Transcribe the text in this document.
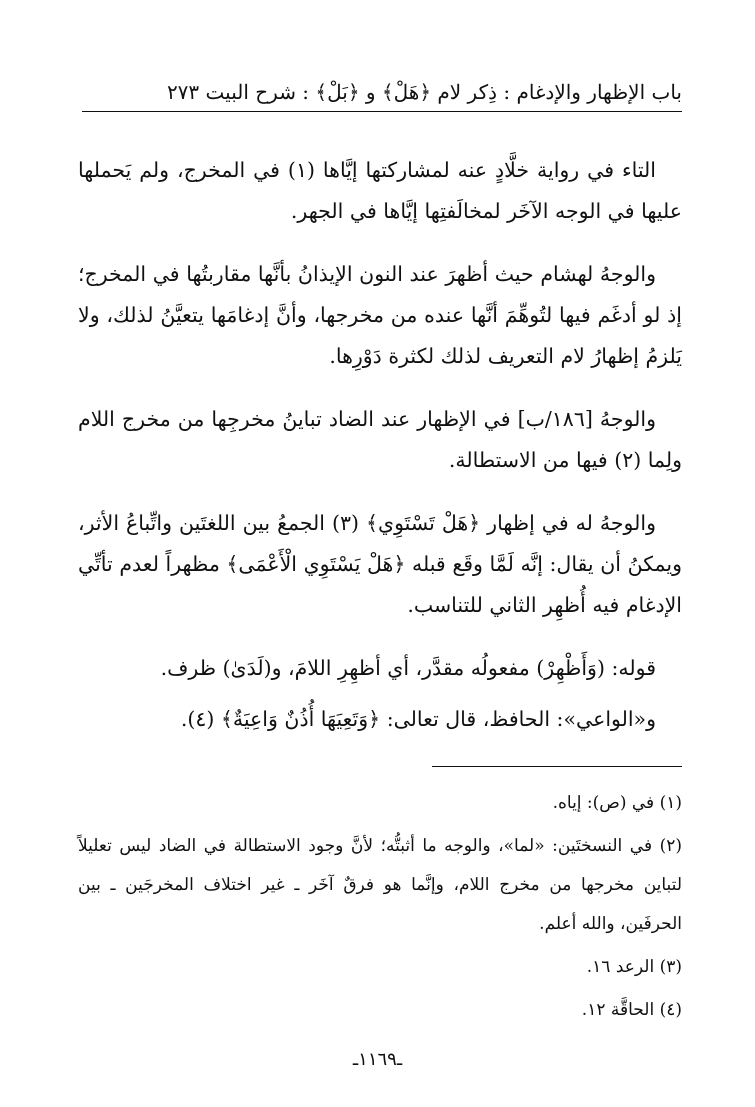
باب الإظهار والإدغام : ذِكر لام ﴿هَلْ﴾ و ﴿بَلْ﴾ : شرح البيت ٢٧٣

التاء في رواية خلَّادٍ عنه لمشاركتها إيَّاها (١) في المخرج، ولم يَحملها عليها في الوجه الآخَر لمخالَفتِها إيَّاها في الجهر.

والوجهُ لهشام حيث أظهرَ عند النون الإيذانُ بأنَّها مقاربتُها في المخرج؛ إذ لو أدغَم فيها لتُوهِّمَ أنَّها عنده من مخرجها، وأنَّ إدغامَها يتعيَّنُ لذلك، ولا يَلزمُ إظهارُ لام التعريف لذلك لكثرة دَوْرِها.

والوجهُ [١٨٦/ب] في الإظهار عند الضاد تباينُ مخرجِها من مخرج اللام ولِما (٢) فيها من الاستطالة.

والوجهُ له في إظهار ﴿هَلْ تَسْتَوِي﴾ (٣) الجمعُ بين اللغتَين واتِّباعُ الأثر، ويمكنُ أن يقال: إنَّه لَمَّا وقَع قبله ﴿هَلْ يَسْتَوِي الْأَعْمَى﴾ مظهراً لعدم تأتِّي الإدغام فيه أُظهِر الثاني للتناسب.

قوله: (وَأَظْهِرْ) مفعولُه مقدَّر، أي أظهِرِ اللامَ، و(لَدَىٰ) ظرف.

و«الواعي»: الحافظ، قال تعالى: ﴿وَتَعِيَهَا أُذُنٌ وَاعِيَةٌ﴾ (٤).

(١) في (ص): إياه.

(٢) في النسختَين: «لما»، والوجه ما أثبتُّه؛ لأنَّ وجود الاستطالة في الضاد ليس تعليلاً لتباين مخرجها من مخرج اللام، وإنَّما هو فرقٌ آخَر ـ غير اختلاف المخرجَين ـ بين الحرفَين، والله أعلم.

(٣) الرعد ١٦.

(٤) الحاقَّة ١٢.

ـ١١٦٩ـ
